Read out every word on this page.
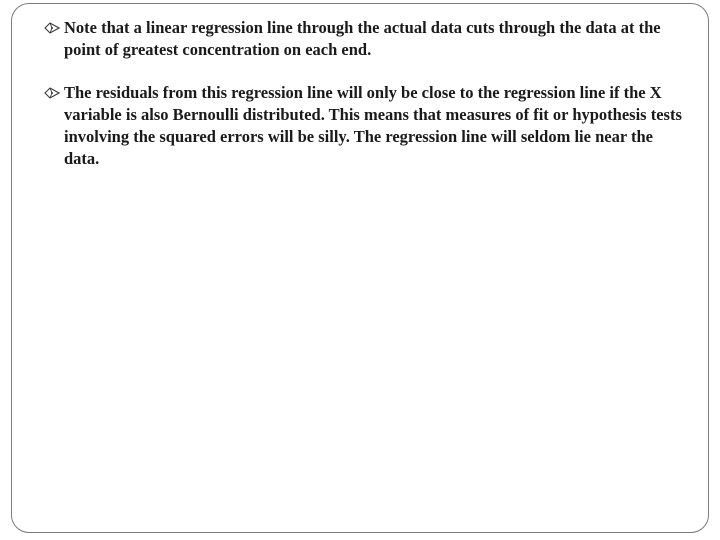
Note that a linear regression line through the actual data cuts through the data at the point of greatest concentration on each end.
The residuals from this regression line will only be close to the regression line if the X variable is also Bernoulli distributed. This means that measures of fit or hypothesis tests involving the squared errors will be silly. The regression line will seldom lie near the data.
